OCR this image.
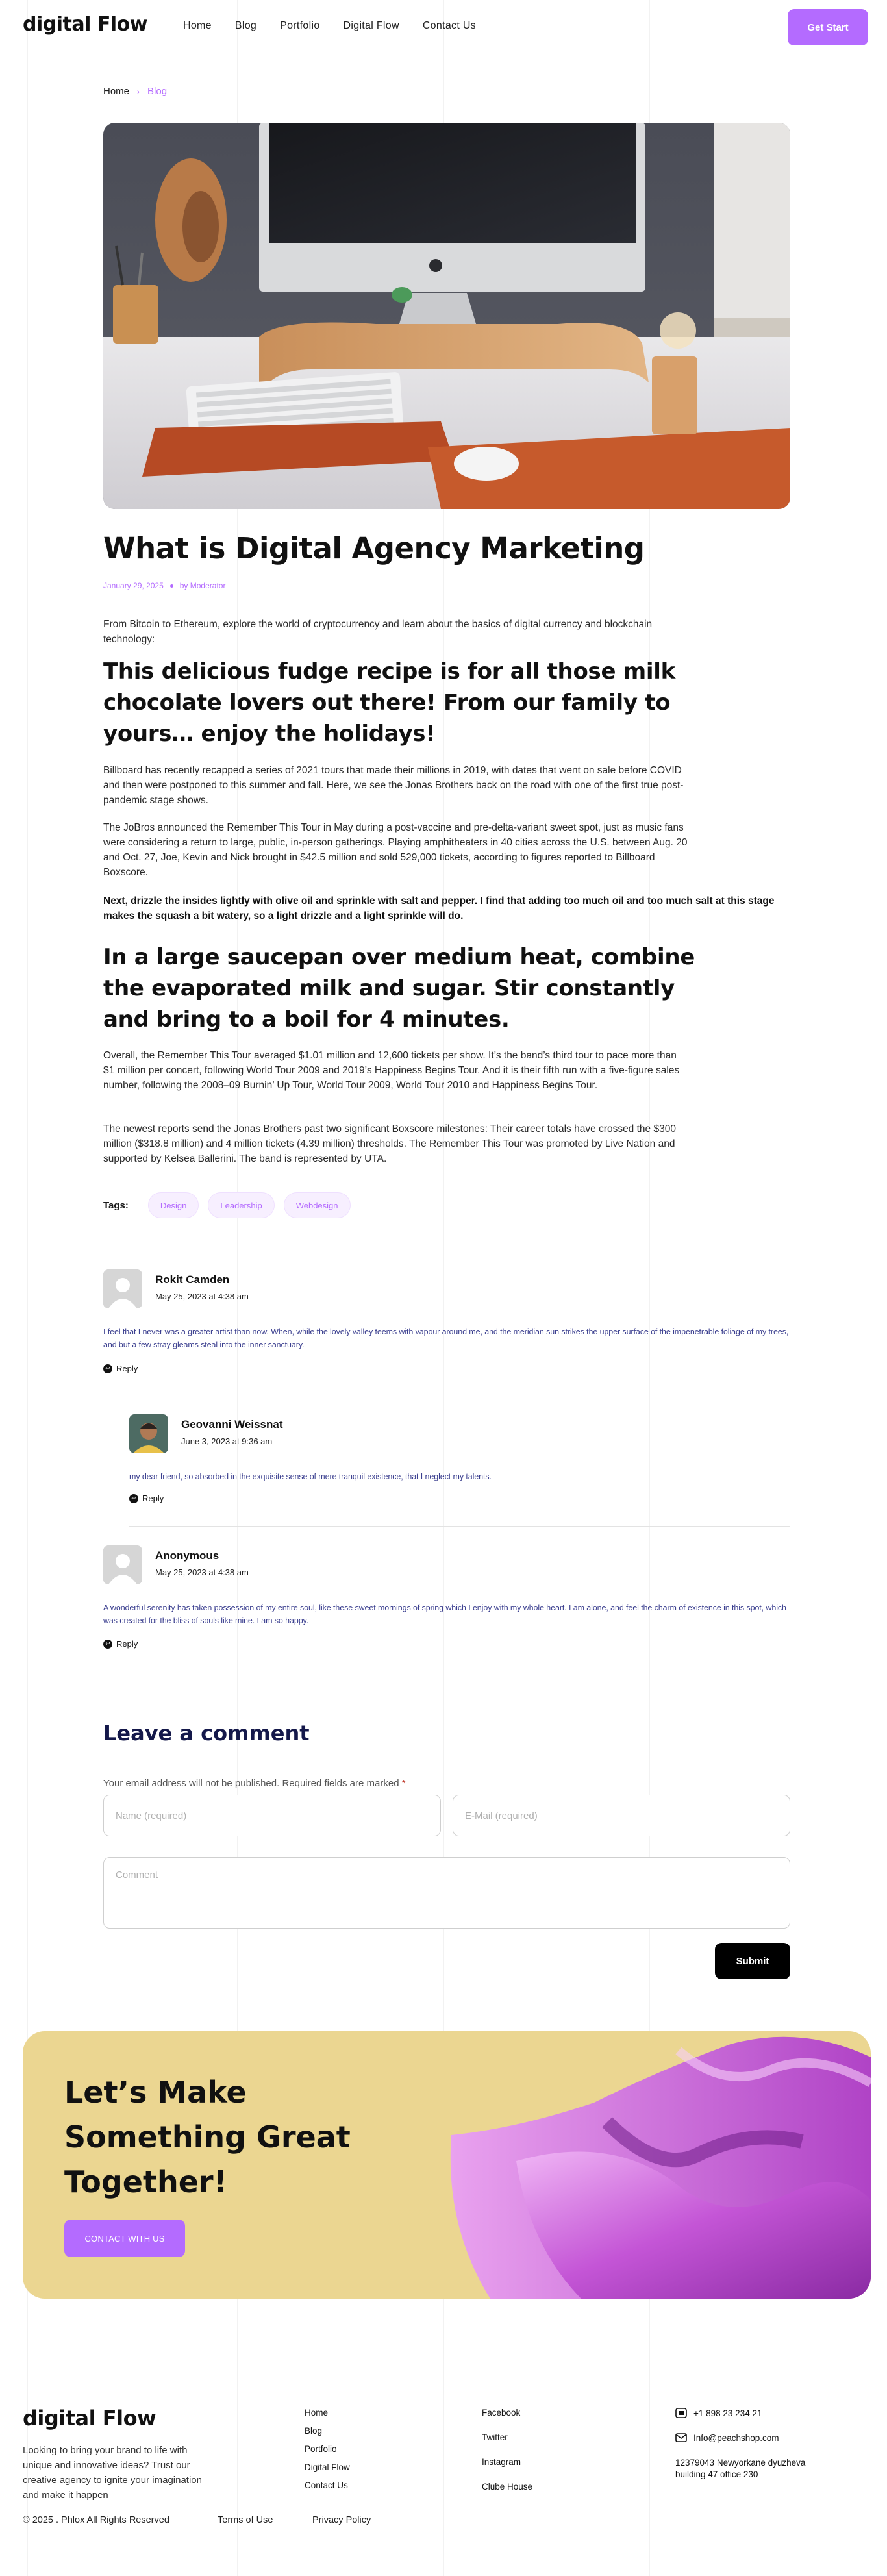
digital Flow	Home Blog Portfolio Digital Flow Contact Us	Get Start
Home › Blog
What is Digital Agency Marketing
January 29, 2025 by Moderator

From Bitcoin to Ethereum, explore the world of cryptocurrency and learn about the basics of digital currency and blockchain technology:

This delicious fudge recipe is for all those milk chocolate lovers out there! From our family to yours… enjoy the holidays!

Billboard has recently recapped a series of 2021 tours that made their millions in 2019, with dates that went on sale before COVID and then were postponed to this summer and fall. Here, we see the Jonas Brothers back on the road with one of the first true post-pandemic stage shows.

The JoBros announced the Remember This Tour in May during a post-vaccine and pre-delta-variant sweet spot, just as music fans were considering a return to large, public, in-person gatherings. Playing amphitheaters in 40 cities across the U.S. between Aug. 20 and Oct. 27, Joe, Kevin and Nick brought in $42.5 million and sold 529,000 tickets, according to figures reported to Billboard Boxscore.

Next, drizzle the insides lightly with olive oil and sprinkle with salt and pepper. I find that adding too much oil and too much salt at this stage makes the squash a bit watery, so a light drizzle and a light sprinkle will do.

In a large saucepan over medium heat, combine the evaporated milk and sugar. Stir constantly and bring to a boil for 4 minutes.

Overall, the Remember This Tour averaged $1.01 million and 12,600 tickets per show. It’s the band’s third tour to pace more than $1 million per concert, following World Tour 2009 and 2019’s Happiness Begins Tour. And it is their fifth run with a five-figure sales number, following the 2008–09 Burnin’ Up Tour, World Tour 2009, World Tour 2010 and Happiness Begins Tour.

The newest reports send the Jonas Brothers past two significant Boxscore milestones: Their career totals have crossed the $300 million ($318.8 million) and 4 million tickets (4.39 million) thresholds. The Remember This Tour was promoted by Live Nation and supported by Kelsea Ballerini. The band is represented by UTA.

Tags:	Design	Leadership	Webdesign
Rokit Camden
May 25, 2023 at 4:38 am
I feel that I never was a greater artist than now. When, while the lovely valley teems with vapour around me, and the meridian sun strikes the upper surface of the impenetrable foliage of my trees, and but a few stray gleams steal into the inner sanctuary.
↩ Reply
Geovanni Weissnat
June 3, 2023 at 9:36 am
my dear friend, so absorbed in the exquisite sense of mere tranquil existence, that I neglect my talents.
↩ Reply
Anonymous
May 25, 2023 at 4:38 am
A wonderful serenity has taken possession of my entire soul, like these sweet mornings of spring which I enjoy with my whole heart. I am alone, and feel the charm of existence in this spot, which was created for the bliss of souls like mine. I am so happy.
↩ Reply
Leave a comment
Your email address will not be published. Required fields are marked *
Name (required)
E-Mail (required)
Comment
Submit
Let’s Make Something Great Together!
CONTACT WITH US
digital Flow

Looking to bring your brand to life with unique and innovative ideas? Trust our creative agency to ignite your imagination and make it happen

Home
Blog
Portfolio
Digital Flow
Contact Us
Facebook
Twitter
Instagram
Clube House
+1 898 23 234 21
Info@peachshop.com
12379043 Newyorkane dyuzheva building 47 office 230
© 2025 . Phlox All Rights Reserved	Terms of Use	Privacy Policy
